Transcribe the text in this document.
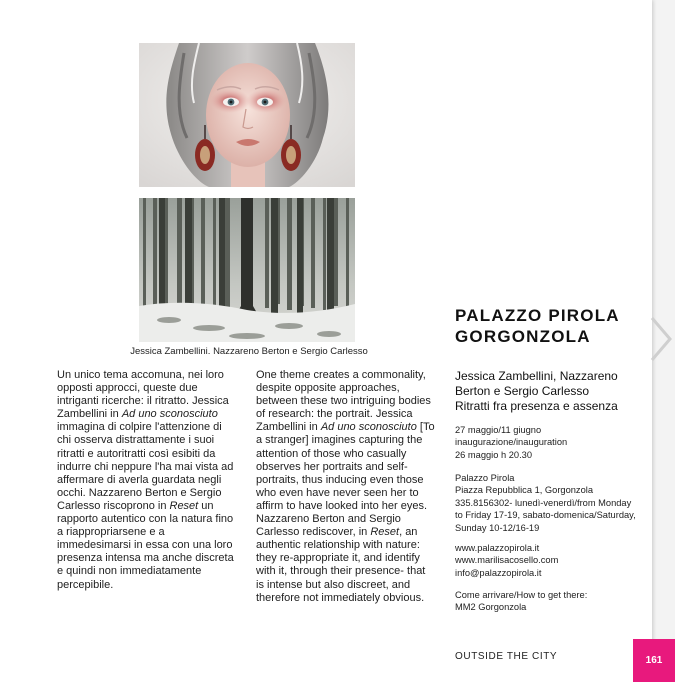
Jessica Zambellini. Nazzareno Berton e Sergio Carlesso
Un unico tema accomuna, nei loro opposti approcci, queste due intriganti ricerche: il ritratto. Jessica Zambellini in Ad uno sconosciuto immagina di colpire l'attenzione di chi osserva distrattamente i suoi ritratti e autoritratti così esibiti da indurre chi neppure l'ha mai vista ad affermare di averla guardata negli occhi. Nazzareno Berton e Sergio Carlesso riscoprono in Reset un rapporto autentico con la natura fino a riappropriarsene e a immedesimarsi in essa con una loro presenza intensa ma anche discreta e quindi non immediatamente percepibile.
One theme creates a commonality, despite opposite approaches, between these two intriguing bodies of research: the portrait. Jessica Zambellini in Ad uno sconosciuto [To a stranger] imagines capturing the attention of those who casually observes her portraits and self-portraits, thus inducing even those who even have never seen her to affirm to have looked into her eyes. Nazzareno Berton and Sergio Carlesso rediscover, in Reset, an authentic relationship with nature: they re-appropriate it, and identify with it, through their presence- that is intense but also discreet, and therefore not immediately obvious.
PALAZZO PIROLA
GORGONZOLA
Jessica Zambellini, Nazzareno Berton e Sergio Carlesso
Ritratti fra presenza e assenza
27 maggio/11 giugno
inaugurazione/inauguration
26 maggio h 20.30
Palazzo Pirola
Piazza Repubblica 1, Gorgonzola
335.8156302- lunedì-venerdì/from Monday
to Friday 17-19, sabato-domenica/Saturday,
Sunday 10-12/16-19
www.palazzopirola.it
www.marilisacosello.com
info@palazzopirola.it
Come arrivare/How to get there:
MM2 Gorgonzola
OUTSIDE THE CITY	161
